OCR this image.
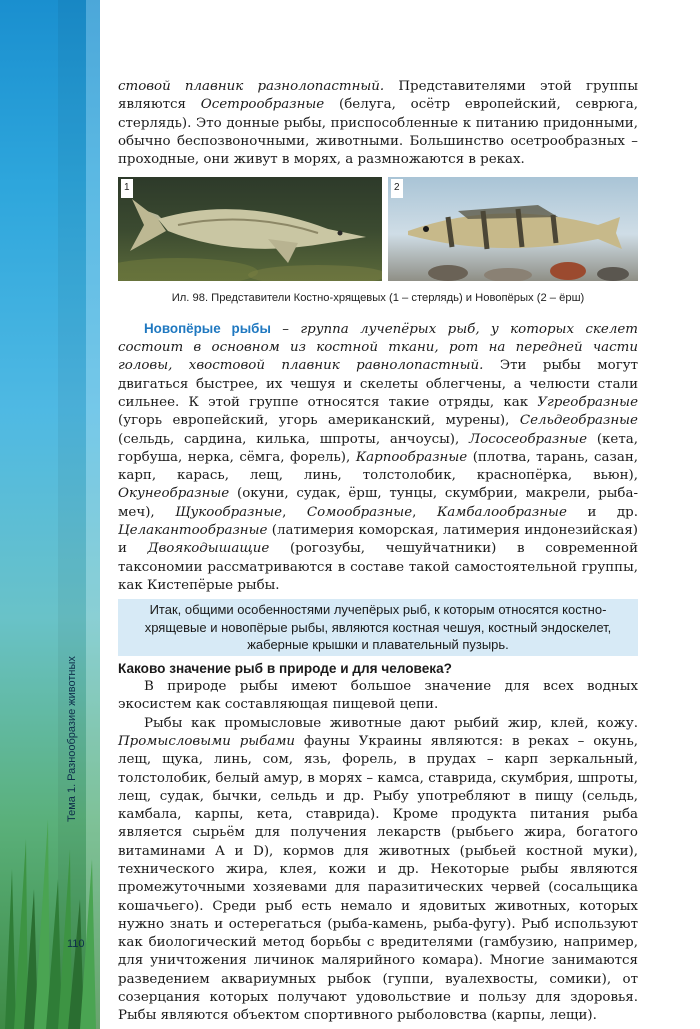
Тема 1. Разнообразие животных
110

стовой плавник разнолопастный. Представителями этой группы являются Осетрообразные (белуга, осётр европейский, севрюга, стерлядь). Это донные рыбы, приспособленные к питанию придонными, обычно беспозвоночными, животными. Большинство осетрообразных – проходные, они живут в морях, а размножаются в реках.

1	2
Ил. 98. Представители Костно-хрящевых (1 – стерлядь) и Новопёрых (2 – ёрш)

Новопёрые рыбы – группа лучепёрых рыб, у которых скелет состоит в основном из костной ткани, рот на передней части головы, хвостовой плавник равнолопастный. Эти рыбы могут двигаться быстрее, их чешуя и скелеты облегчены, а челюсти стали сильнее. К этой группе относятся такие отряды, как Угреобразные (угорь европейский, угорь американский, мурены), Сельдеобразные (сельдь, сардина, килька, шпроты, анчоусы), Лососеобразные (кета, горбуша, нерка, сёмга, форель), Карпообразные (плотва, тарань, сазан, карп, карась, лещ, линь, толстолобик, краснопёрка, вьюн), Окунеобразные (окуни, судак, ёрш, тунцы, скумбрии, макрели, рыба-меч), Щукообразные, Сомообразные, Камбалообразные и др. Целакантообразные (латимерия коморская, латимерия индонезийская) и Двоякодышащие (рогозубы, чешуйчатники) в современной таксономии рассматриваются в составе такой самостоятельной группы, как Кистепёрые рыбы.

Итак, общими особенностями лучепёрых рыб, к которым относятся костно-хрящевые и новопёрые рыбы, являются костная чешуя, костный эндоскелет, жаберные крышки и плавательный пузырь.
Каково значение рыб в природе и для человека?

В природе рыбы имеют большое значение для всех водных экосистем как составляющая пищевой цепи.

Рыбы как промысловые животные дают рыбий жир, клей, кожу. Промысловыми рыбами фауны Украины являются: в реках – окунь, лещ, щука, линь, сом, язь, форель, в прудах – карп зеркальный, толстолобик, белый амур, в морях – камса, ставрида, скумбрия, шпроты, лещ, судак, бычки, сельдь и др. Рыбу употребляют в пищу (сельдь, камбала, карпы, кета, ставрида). Кроме продукта питания рыба является сырьём для получения лекарств (рыбьего жира, богатого витаминами A и D), кормов для животных (рыбьей костной муки), технического жира, клея, кожи и др. Некоторые рыбы являются промежуточными хозяевами для паразитических червей (сосальщика кошачьего). Среди рыб есть немало и ядовитых животных, которых нужно знать и остерегаться (рыба-камень, рыба-фугу). Рыб используют как биологический метод борьбы с вредителями (гамбузию, например, для уничтожения личинок малярийного комара). Многие занимаются разведением аквариумных рыбок (гуппи, вуалехвосты, сомики), от созерцания которых получают удовольствие и пользу для здоровья. Рыбы являются объектом спортивного рыболовства (карпы, лещи).
